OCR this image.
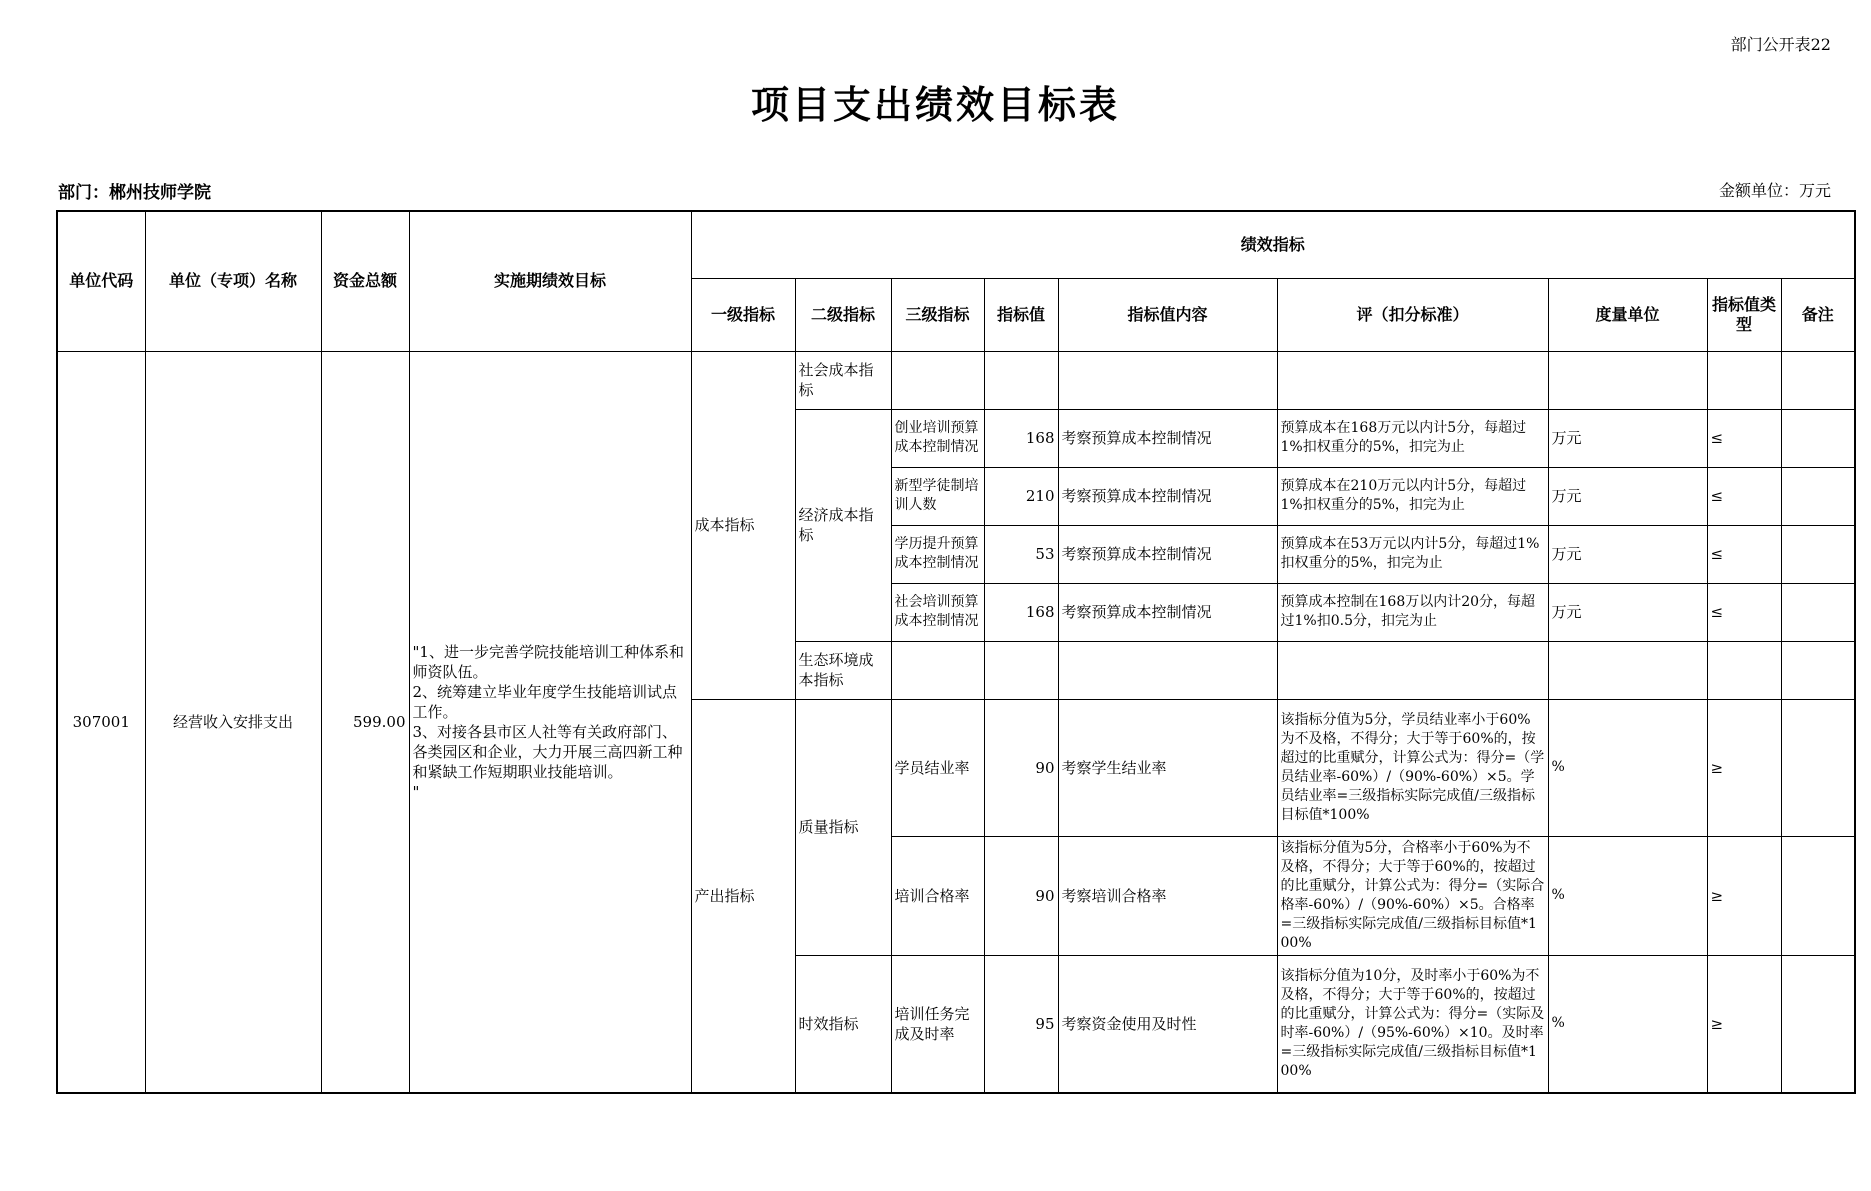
部门公开表22
项目支出绩效目标表
部门：郴州技师学院	金额单位：万元
单位代码	单位（专项）名称	资金总额	实施期绩效目标	绩效指标								
				一级指标	二级指标	三级指标	指标值	指标值内容	评（扣分标准）	度量单位	指标值类型	备注
307001	经营收入安排支出	599.00	"1、进一步完善学院技能培训工种体系和师资队伍。
2、统筹建立毕业年度学生技能培训试点工作。
3、对接各县市区人社等有关政府部门、各类园区和企业，大力开展三高四新工种和紧缺工作短期职业技能培训。
"	成本指标	社会成本指标							
					经济成本指标	创业培训预算成本控制情况	168	考察预算成本控制情况	预算成本在168万元以内计5分，每超过1%扣权重分的5%，扣完为止	万元	≤	
						新型学徒制培训人数	210	考察预算成本控制情况	预算成本在210万元以内计5分，每超过1%扣权重分的5%，扣完为止	万元	≤	

						学历提升预算成本控制情况	53	考察预算成本控制情况	预算成本在53万元以内计5分，每超过1%扣权重分的5%，扣完为止	万元	≤	

						社会培训预算成本控制情况	168	考察预算成本控制情况	预算成本控制在168万以内计20分，每超过1%扣0.5分，扣完为止	万元	≤	
					生态环境成本指标							
				产出指标	质量指标	学员结业率	90	考察学生结业率	该指标分值为5分，学员结业率小于60%为不及格，不得分；大于等于60%的，按超过的比重赋分，计算公式为：得分=（学员结业率-60%）/（90%-60%）×5。学员结业率=三级指标实际完成值/三级指标目标值*100%	%	≥	
						培训合格率	90	考察培训合格率	该指标分值为5分，合格率小于60%为不及格，不得分；大于等于60%的，按超过的比重赋分，计算公式为：得分=（实际合格率-60%）/（90%-60%）×5。合格率=三级指标实际完成值/三级指标目标值*100%	%	≥	
					时效指标	培训任务完成及时率	95	考察资金使用及时性	该指标分值为10分，及时率小于60%为不及格，不得分；大于等于60%的，按超过的比重赋分，计算公式为：得分=（实际及时率-60%）/（95%-60%）×10。及时率=三级指标实际完成值/三级指标目标值*100%	%	≥	
